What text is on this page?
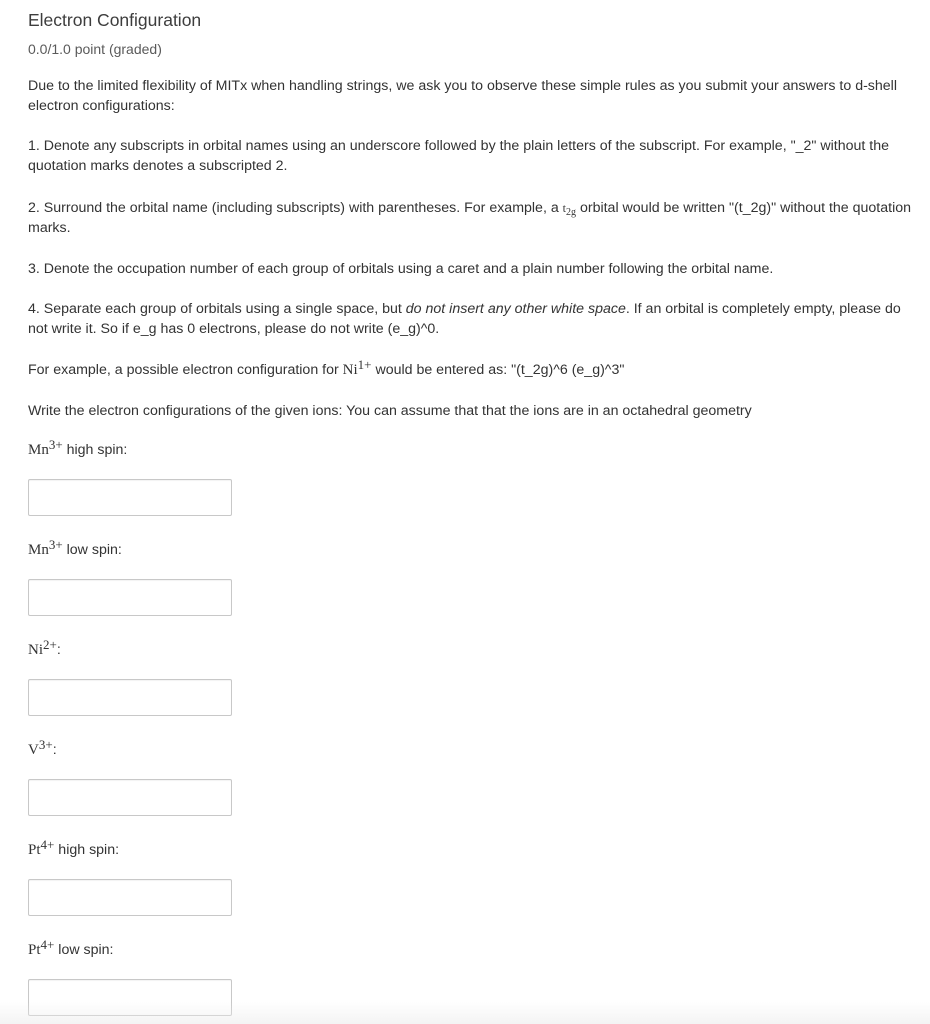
Electron Configuration
0.0/1.0 point (graded)

Due to the limited flexibility of MITx when handling strings, we ask you to observe these simple rules as you submit your answers to d-shell electron configurations:

1. Denote any subscripts in orbital names using an underscore followed by the plain letters of the subscript. For example, "_2" without the quotation marks denotes a subscripted 2.

2. Surround the orbital name (including subscripts) with parentheses. For example, a $t_{2g}$ orbital would be written "(t_2g)" without the quotation marks.

3. Denote the occupation number of each group of orbitals using a caret and a plain number following the orbital name.

4. Separate each group of orbitals using a single space, but do not insert any other white space. If an orbital is completely empty, please do not write it. So if e_g has 0 electrons, please do not write (e_g)^0.

For example, a possible electron configuration for $Ni^{1+}$ would be entered as: "(t_2g)^6 (e_g)^3"

Write the electron configurations of the given ions: You can assume that that the ions are in an octahedral geometry

$Mn^{3+}$ high spin:
$Mn^{3+}$ low spin:
$Ni^{2+}$:
$V^{3+}$:
$Pt^{4+}$ high spin:
$Pt^{4+}$ low spin:
